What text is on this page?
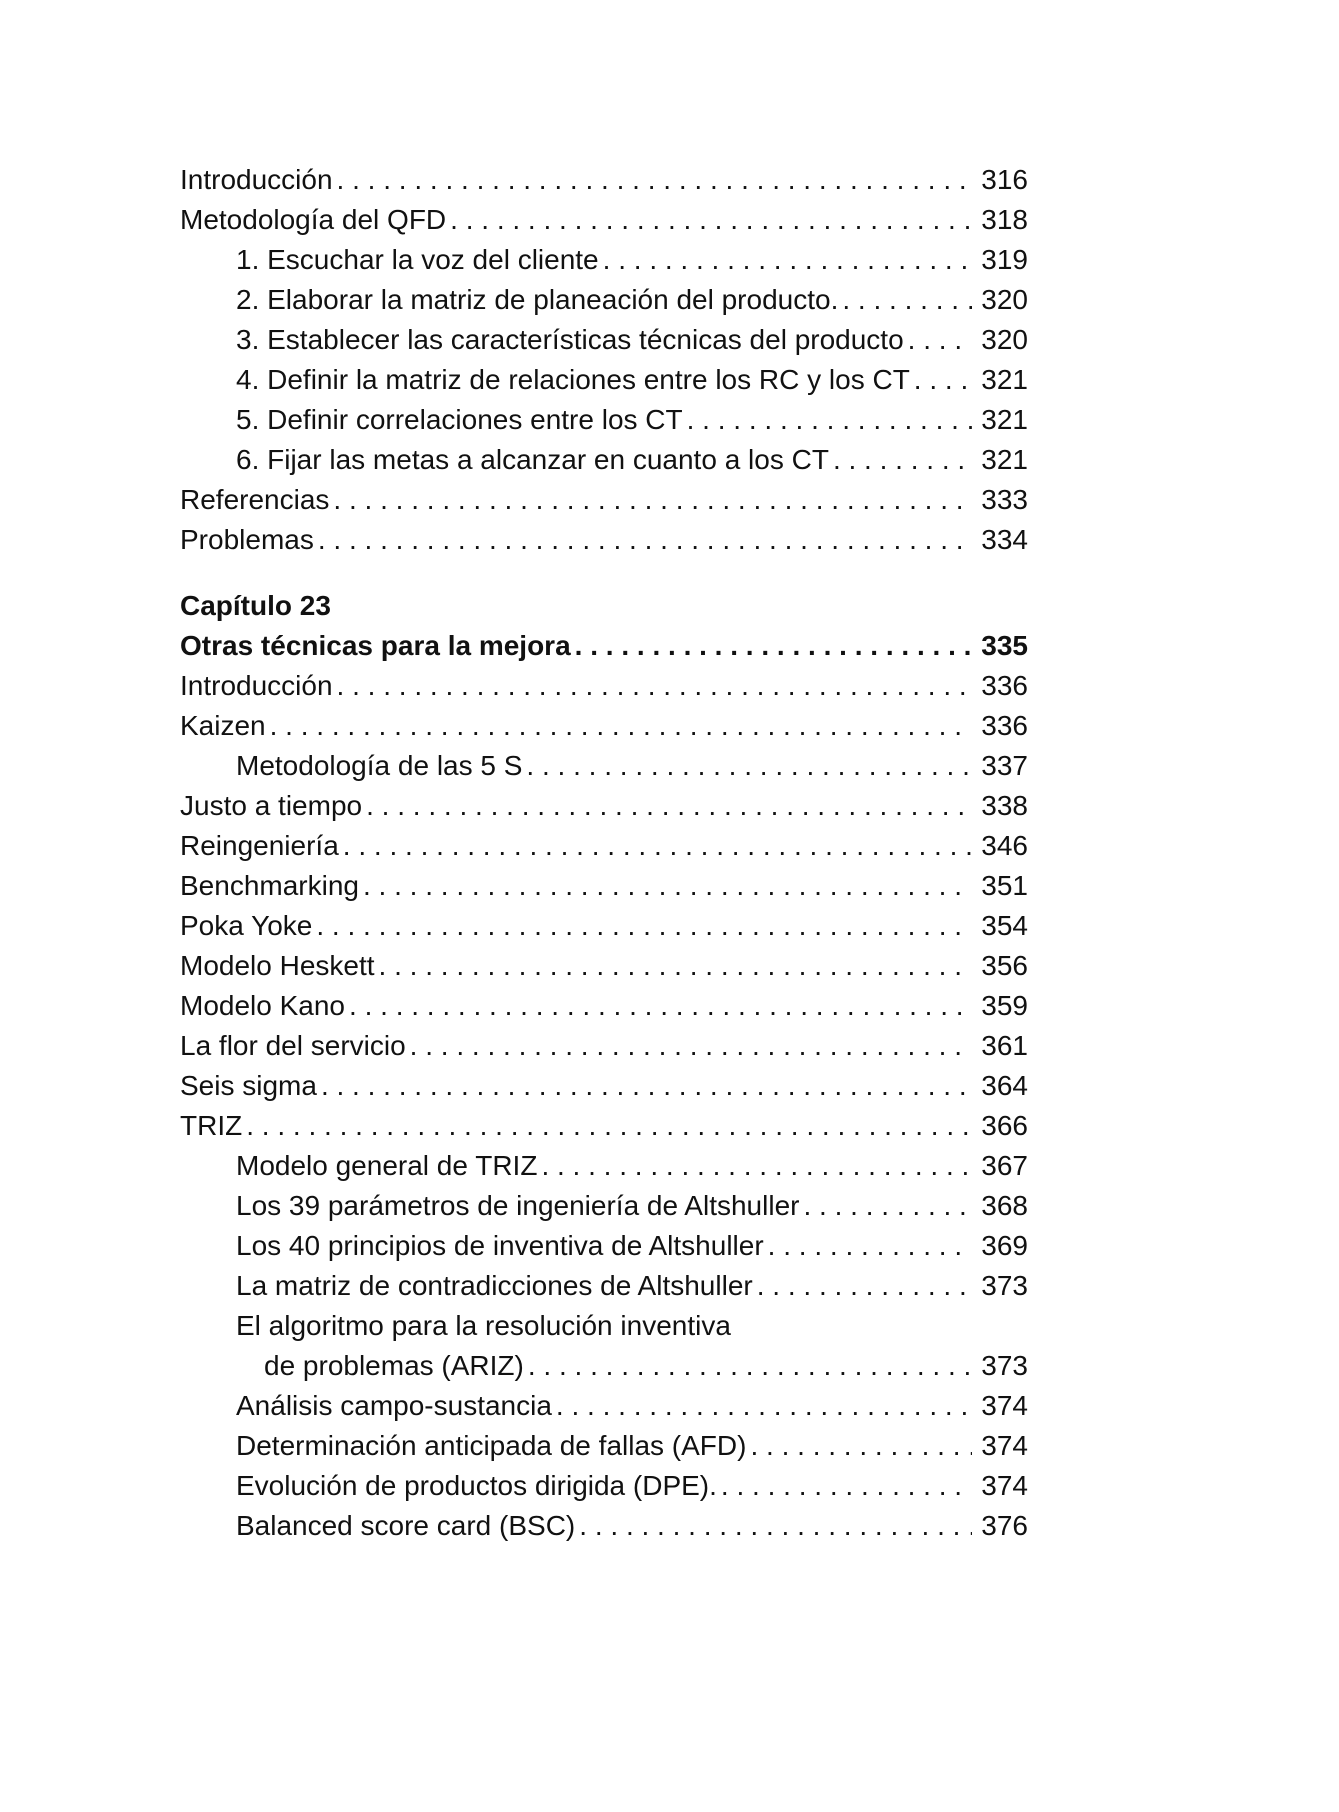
Introducción . . .	316
Metodología del QFD . . .	318
1. Escuchar la voz del cliente . . .	319
2. Elaborar la matriz de planeación del producto. . . .	320
3. Establecer las características técnicas del producto . . .	320
4. Definir la matriz de relaciones entre los RC y los CT . . .	321
5. Definir correlaciones entre los CT . . .	321
6. Fijar las metas a alcanzar en cuanto a los CT . . .	321
Referencias . . .	333
Problemas . . .	334
Capítulo 23
Otras técnicas para la mejora . . .	335
Introducción . . .	336
Kaizen . . .	336
Metodología de las 5 S . . .	337
Justo a tiempo . . .	338
Reingeniería . . .	346
Benchmarking . . .	351
Poka Yoke . . .	354
Modelo Heskett . . .	356
Modelo Kano . . .	359
La flor del servicio . . .	361
Seis sigma . . .	364
TRIZ . . .	366
Modelo general de TRIZ . . .	367
Los 39 parámetros de ingeniería de Altshuller . . .	368
Los 40 principios de inventiva de Altshuller . . .	369
La matriz de contradicciones de Altshuller . . .	373
El algoritmo para la resolución inventiva
de problemas (ARIZ) . . .	373
Análisis campo-sustancia . . .	374
Determinación anticipada de fallas (AFD) . . .	374
Evolución de productos dirigida (DPE). . . .	374
Balanced score card (BSC) . . .	376
